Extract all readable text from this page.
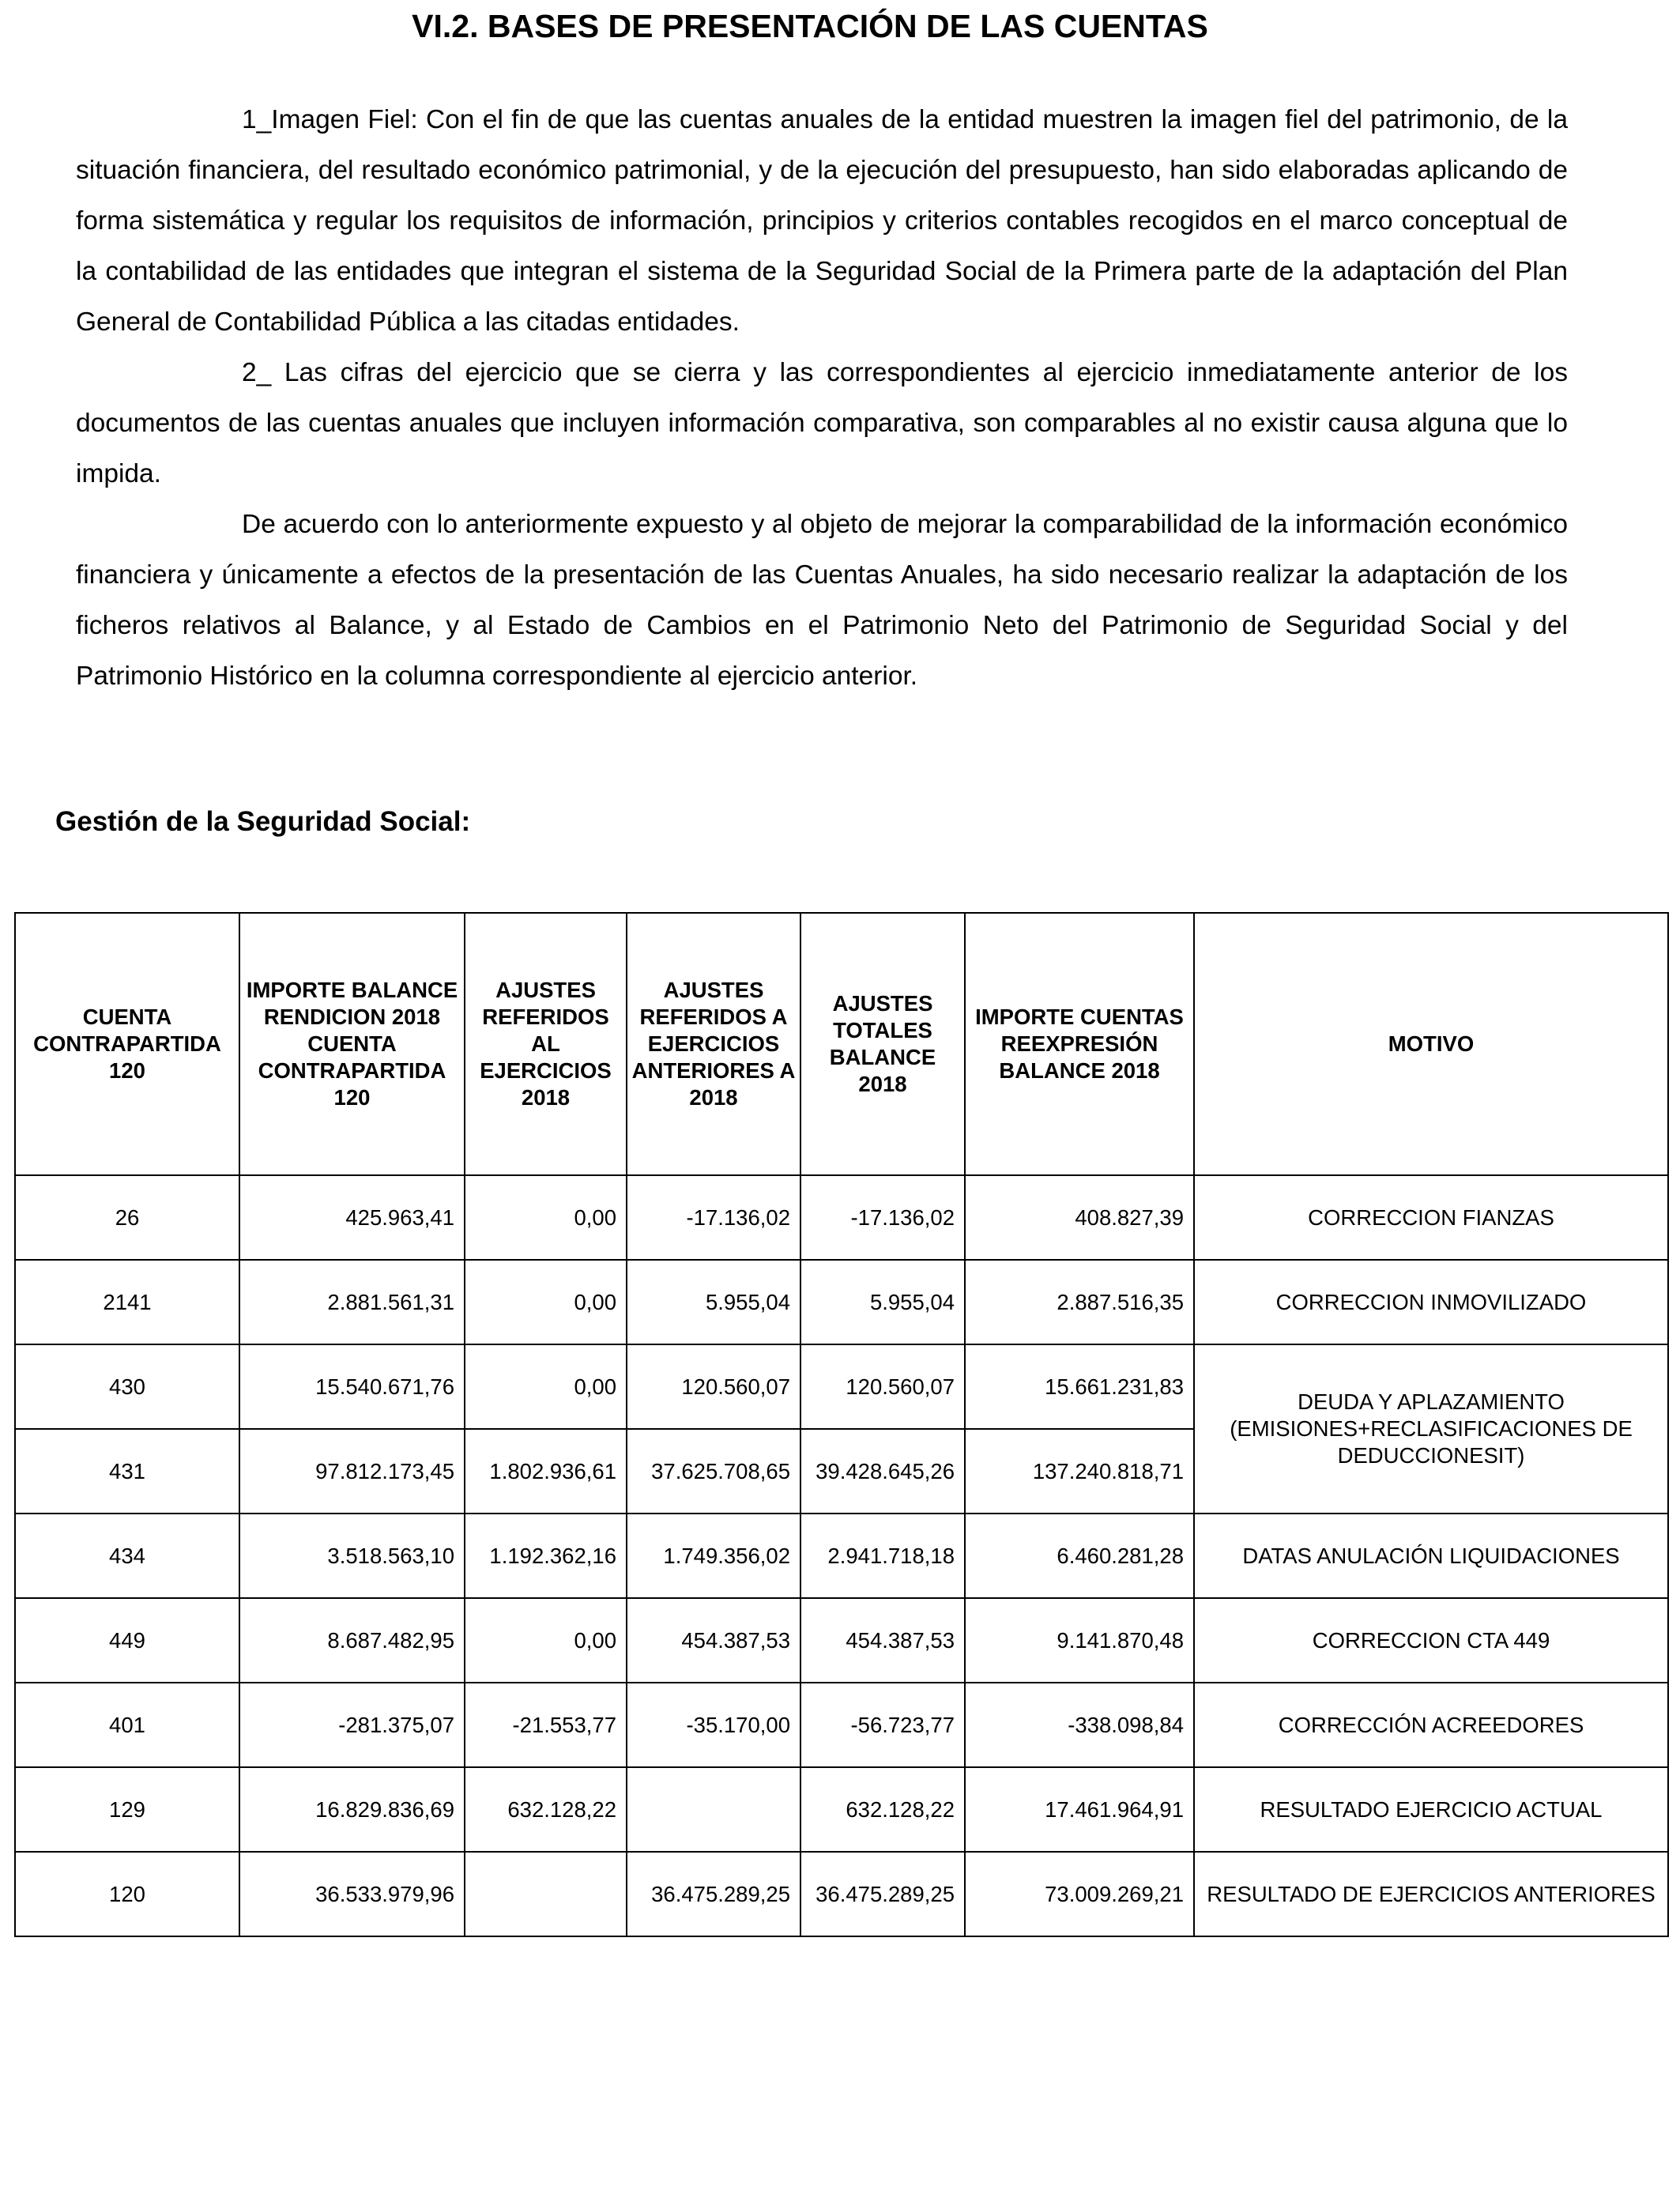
VI.2. BASES DE PRESENTACIÓN DE LAS CUENTAS

1_Imagen Fiel: Con el fin de que las cuentas anuales de la entidad muestren la imagen fiel del patrimonio, de la situación financiera, del resultado económico patrimonial, y de la ejecución del presupuesto, han sido elaboradas aplicando de forma sistemática y regular los requisitos de información, principios y criterios contables recogidos en el marco conceptual de la contabilidad de las entidades que integran el sistema de la Seguridad Social de la Primera parte de la adaptación del Plan General de Contabilidad Pública a las citadas entidades.

2_ Las cifras del ejercicio que se cierra y las correspondientes al ejercicio inmediatamente anterior de los documentos de las cuentas anuales que incluyen información comparativa, son comparables al no existir causa alguna que lo impida.

De acuerdo con lo anteriormente expuesto y al objeto de mejorar la comparabilidad de la información económico financiera y únicamente a efectos de la presentación de las Cuentas Anuales, ha sido necesario realizar la adaptación de los ficheros relativos al Balance, y al Estado de Cambios en el Patrimonio Neto del Patrimonio de Seguridad Social y del Patrimonio Histórico en la columna correspondiente al ejercicio anterior.

Gestión de la Seguridad Social:
CUENTA CONTRAPARTIDA 120	IMPORTE BALANCE RENDICION 2018 CUENTA CONTRAPARTIDA 120	AJUSTES REFERIDOS AL EJERCICIOS 2018	AJUSTES REFERIDOS A EJERCICIOS ANTERIORES A 2018	AJUSTES TOTALES BALANCE 2018	IMPORTE CUENTAS REEXPRESIÓN BALANCE 2018	MOTIVO
26	425.963,41	0,00	-17.136,02	-17.136,02	408.827,39	CORRECCION FIANZAS
2141	2.881.561,31	0,00	5.955,04	5.955,04	2.887.516,35	CORRECCION INMOVILIZADO
430	15.540.671,76	0,00	120.560,07	120.560,07	15.661.231,83	DEUDA Y APLAZAMIENTO (EMISIONES+RECLASIFICACIONES DE DEDUCCIONESIT)
431	97.812.173,45	1.802.936,61	37.625.708,65	39.428.645,26	137.240.818,71	
434	3.518.563,10	1.192.362,16	1.749.356,02	2.941.718,18	6.460.281,28	DATAS ANULACIÓN LIQUIDACIONES
449	8.687.482,95	0,00	454.387,53	454.387,53	9.141.870,48	CORRECCION CTA 449
401	-281.375,07	-21.553,77	-35.170,00	-56.723,77	-338.098,84	CORRECCIÓN ACREEDORES
129	16.829.836,69	632.128,22		632.128,22	17.461.964,91	RESULTADO EJERCICIO ACTUAL
120	36.533.979,96		36.475.289,25	36.475.289,25	73.009.269,21	RESULTADO DE EJERCICIOS ANTERIORES
